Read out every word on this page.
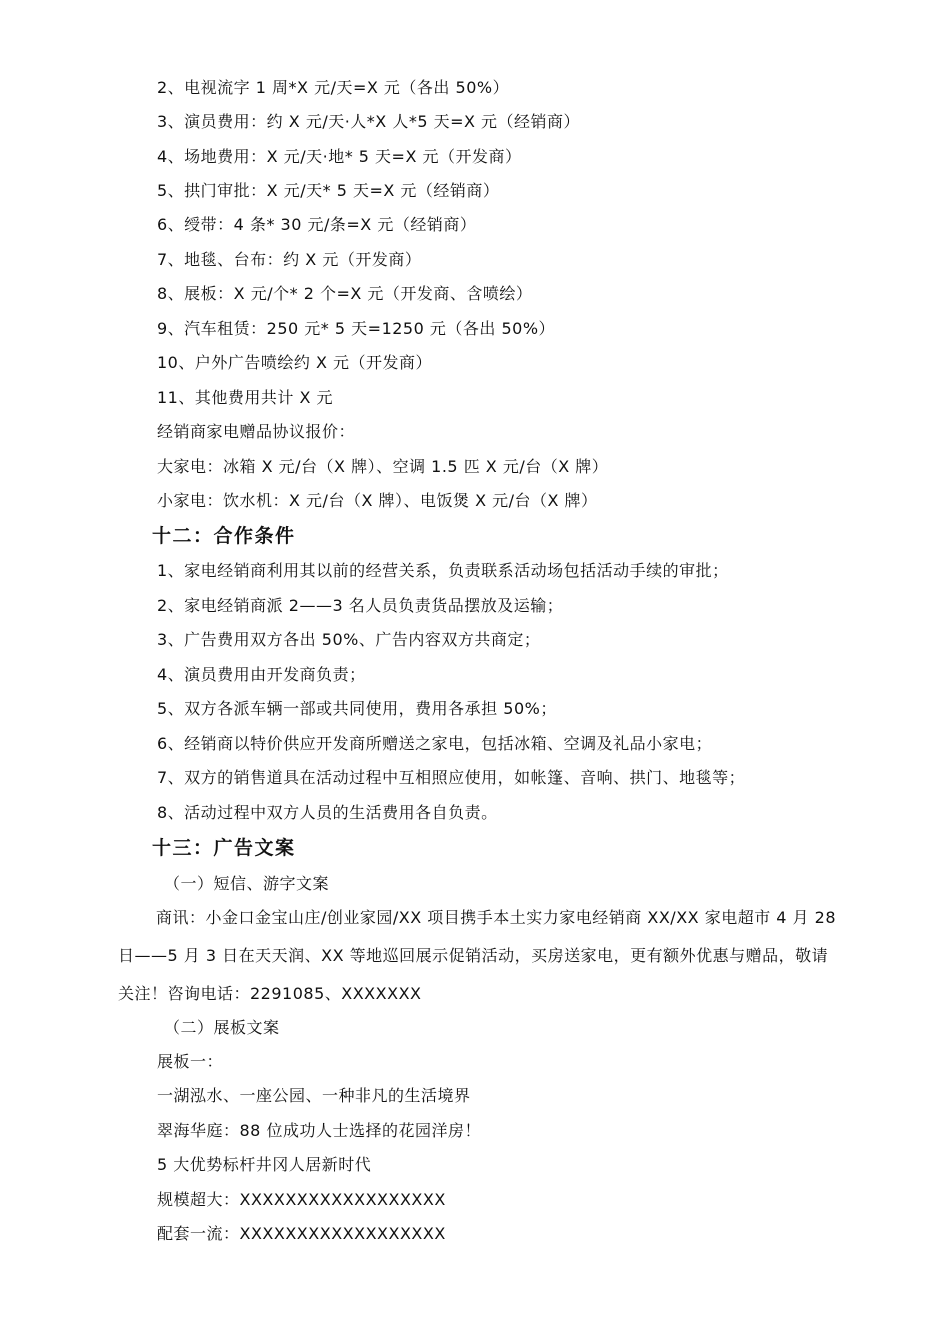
2、电视流字 1 周*X 元/天=X 元（各出 50%）
3、演员费用：约 X 元/天·人*X 人*5 天=X 元（经销商）
4、场地费用：X 元/天·地* 5 天=X 元（开发商）
5、拱门审批：X 元/天* 5 天=X 元（经销商）
6、绶带：4 条* 30 元/条=X 元（经销商）
7、地毯、台布：约 X 元（开发商）
8、展板：X 元/个* 2 个=X 元（开发商、含喷绘）
9、汽车租赁：250 元* 5 天=1250 元（各出 50%）
10、户外广告喷绘约 X 元（开发商）
11、其他费用共计 X 元
经销商家电赠品协议报价：
大家电：冰箱 X 元/台（X 牌）、空调 1.5 匹 X 元/台（X 牌）
小家电：饮水机：X 元/台（X 牌）、电饭煲 X 元/台（X 牌）
十二：合作条件
1、家电经销商利用其以前的经营关系，负责联系活动场包括活动手续的审批；
2、家电经销商派 2——3 名人员负责货品摆放及运输；
3、广告费用双方各出 50%、广告内容双方共商定；
4、演员费用由开发商负责；
5、双方各派车辆一部或共同使用，费用各承担 50%；
6、经销商以特价供应开发商所赠送之家电，包括冰箱、空调及礼品小家电；
7、双方的销售道具在活动过程中互相照应使用，如帐篷、音响、拱门、地毯等；
8、活动过程中双方人员的生活费用各自负责。
十三：广告文案
（一）短信、游字文案
商讯：小金口金宝山庄/创业家园/XX 项目携手本土实力家电经销商 XX/XX 家电超市 4 月 28 日——5 月 3 日在天天润、XX 等地巡回展示促销活动，买房送家电，更有额外优惠与赠品，敬请关注！咨询电话：2291085、XXXXXXX
（二）展板文案
展板一：
一湖泓水、一座公园、一种非凡的生活境界
翠海华庭：88 位成功人士选择的花园洋房！
5 大优势标杆井冈人居新时代
规模超大：XXXXXXXXXXXXXXXXXX
配套一流：XXXXXXXXXXXXXXXXXX
